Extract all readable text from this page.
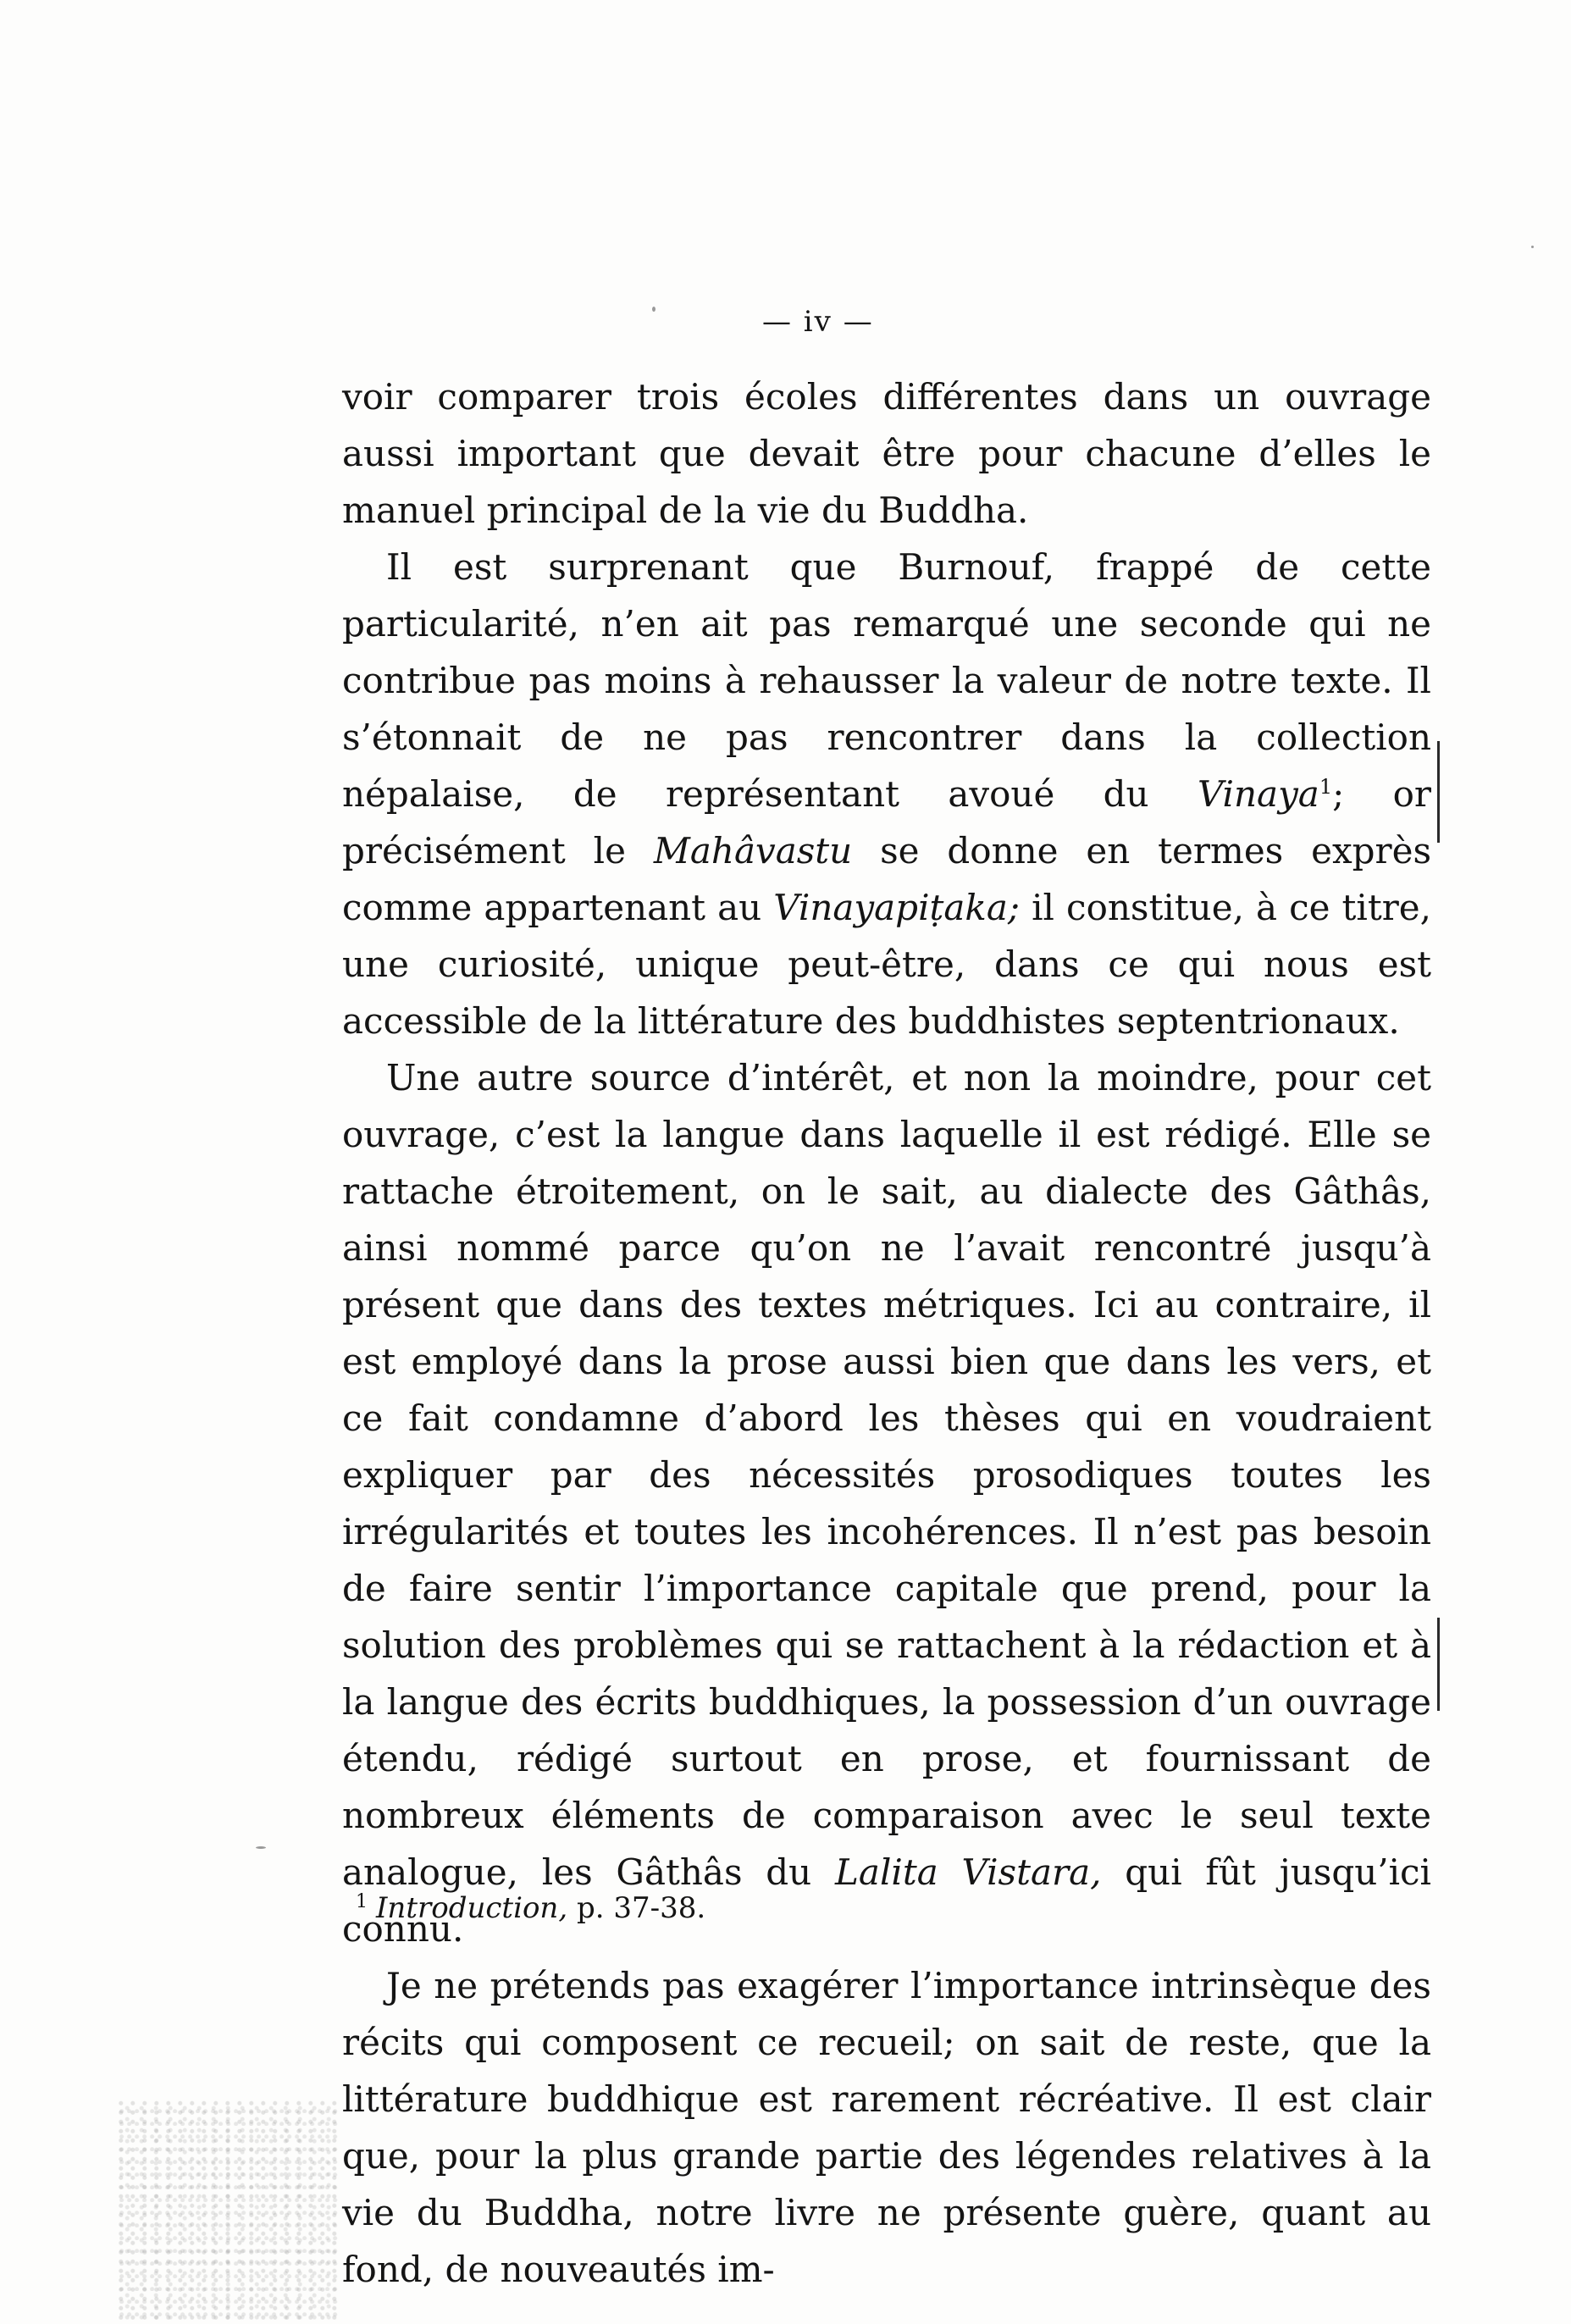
— iv —

voir comparer trois écoles différentes dans un ouvrage aussi important que devait être pour chacune d’elles le manuel principal de la vie du Buddha.

Il est surprenant que Burnouf, frappé de cette particularité, n’en ait pas remarqué une seconde qui ne contribue pas moins à rehausser la valeur de notre texte. Il s’étonnait de ne pas rencontrer dans la collection népalaise, de représentant avoué du Vinaya$^1$; or précisément le Mahâvastu se donne en termes exprès comme appartenant au Vinayapiṭaka; il constitue, à ce titre, une curiosité, unique peut-être, dans ce qui nous est accessible de la littérature des buddhistes septentrionaux.

Une autre source d’intérêt, et non la moindre, pour cet ouvrage, c’est la langue dans laquelle il est rédigé. Elle se rattache étroitement, on le sait, au dialecte des Gâthâs, ainsi nommé parce qu’on ne l’avait rencontré jusqu’à présent que dans des textes métriques. Ici au contraire, il est employé dans la prose aussi bien que dans les vers, et ce fait condamne d’abord les thèses qui en voudraient expliquer par des nécessités prosodiques toutes les irrégularités et toutes les incohérences. Il n’est pas besoin de faire sentir l’importance capitale que prend, pour la solution des problèmes qui se rattachent à la rédaction et à la langue des écrits buddhiques, la possession d’un ouvrage étendu, rédigé surtout en prose, et fournissant de nombreux éléments de comparaison avec le seul texte analogue, les Gâthâs du Lalita Vistara, qui fût jusqu’ici connu.

Je ne prétends pas exagérer l’importance intrinsèque des récits qui composent ce recueil; on sait de reste, que la littérature buddhique est rarement récréative. Il est clair que, pour la plus grande partie des légendes relatives à la vie du Buddha, notre livre ne présente guère, quant au fond, de nouveautés im-

$^1$ Introduction, p. 37-38.
